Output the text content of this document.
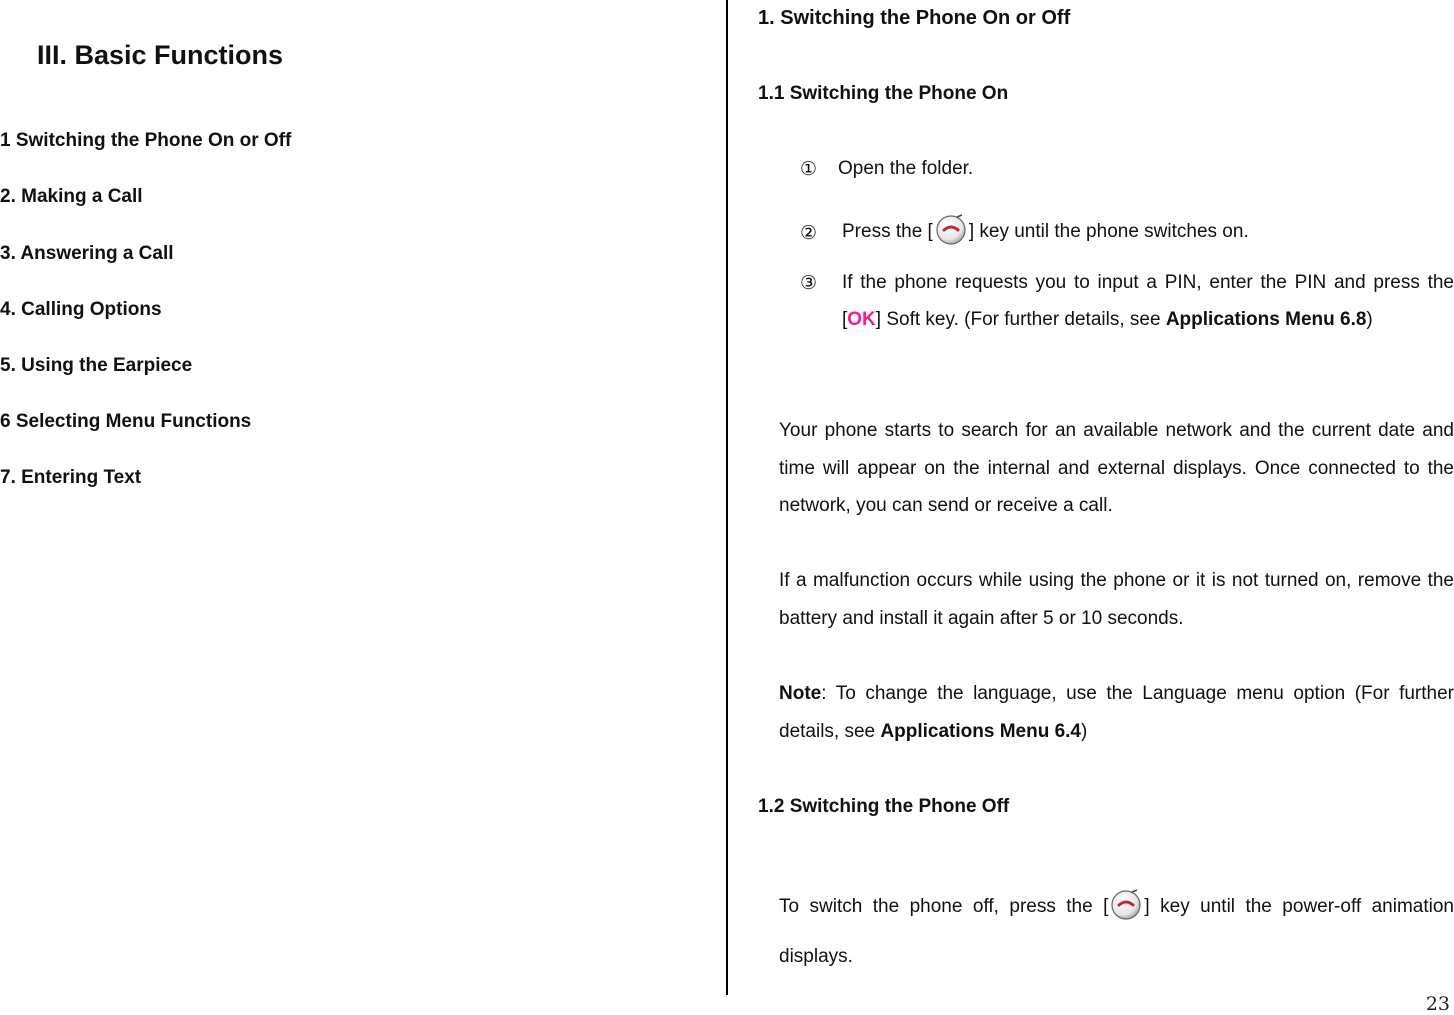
III. Basic Functions
1 Switching the Phone On or Off
2. Making a Call
3. Answering a Call
4. Calling Options
5. Using the Earpiece
6 Selecting Menu Functions
7. Entering Text
1. Switching the Phone On or Off
1.1 Switching the Phone On
① Open the folder.
② Press the [ ] key until the phone switches on.
③ If the phone requests you to input a PIN, enter the PIN and press the [OK] Soft key. (For further details, see Applications Menu 6.8)
Your phone starts to search for an available network and the current date and time will appear on the internal and external displays. Once connected to the network, you can send or receive a call.
If a malfunction occurs while using the phone or it is not turned on, remove the battery and install it again after 5 or 10 seconds.
Note: To change the language, use the Language menu option (For further details, see Applications Menu 6.4)
1.2 Switching the Phone Off
To switch the phone off, press the [ ] key until the power-off animation displays.
23
